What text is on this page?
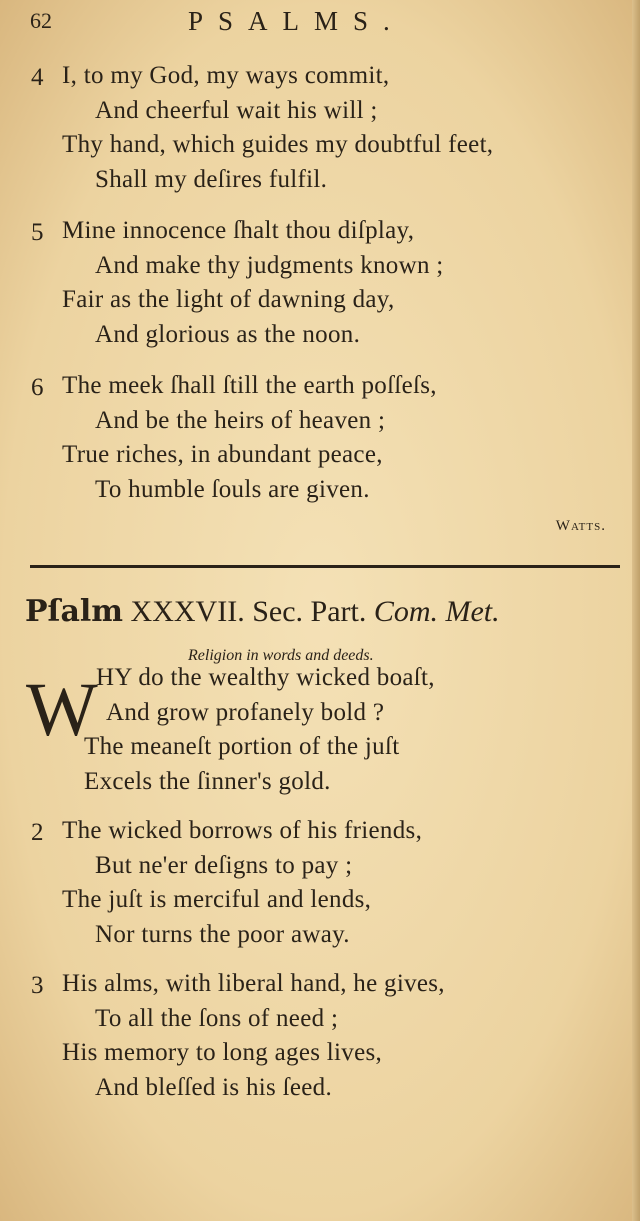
62	PSALMS.
4 I, to my God, my ways commit,
And cheerful wait his will ;
Thy hand, which guides my doubtful feet,
Shall my deſires fulfil.
5 Mine innocence ſhalt thou diſplay,
And make thy judgments known ;
Fair as the light of dawning day,
And glorious as the noon.
6 The meek ſhall ſtill the earth poſſeſs,
And be the heirs of heaven ;
True riches, in abundant peace,
To humble ſouls are given.
Watts.
Pſalm XXXVII. Sec. Part. Com. Met.
Religion in words and deeds.
W
HY do the wealthy wicked boaſt,
And grow profanely bold ?
The meaneſt portion of the juſt
Excels the ſinner's gold.
2 The wicked borrows of his friends,
But ne'er deſigns to pay ;
The juſt is merciful and lends,
Nor turns the poor away.
3 His alms, with liberal hand, he gives,
To all the ſons of need ;
His memory to long ages lives,
And bleſſed is his ſeed.
